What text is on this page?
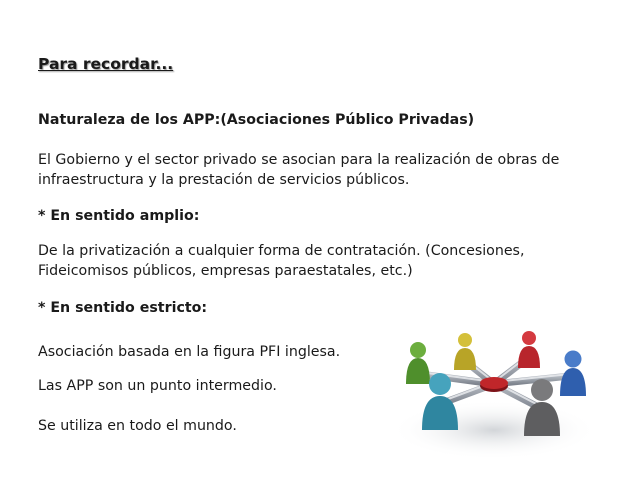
Para recordar...

Naturaleza de los APP:(Asociaciones Público Privadas)

El Gobierno y el sector privado se asocian para la realización de obras de

infraestructura y la prestación de servicios públicos.

* En sentido amplio:

De la privatización a cualquier forma de contratación. (Concesiones,

Fideicomisos públicos, empresas paraestatales, etc.)

* En sentido estricto:

Asociación basada en la figura PFI inglesa.

Las APP son un punto intermedio.

Se utiliza en todo el mundo.
